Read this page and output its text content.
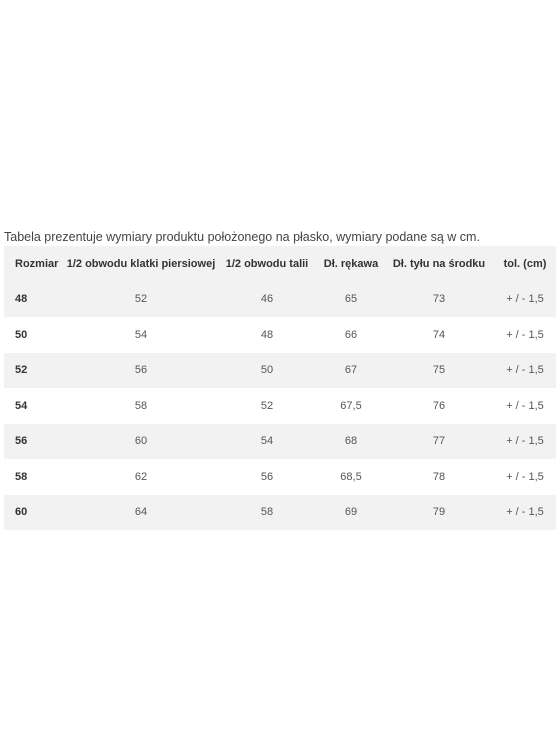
Tabela prezentuje wymiary produktu położonego na płasko, wymiary podane są w cm.

Rozmiar	1/2 obwodu klatki piersiowej	1/2 obwodu talii	Dł. rękawa	Dł. tyłu na środku	tol. (cm)
48	52	46	65	73	+ / - 1,5
50	54	48	66	74	+ / - 1,5
52	56	50	67	75	+ / - 1,5
54	58	52	67,5	76	+ / - 1,5
56	60	54	68	77	+ / - 1,5
58	62	56	68,5	78	+ / - 1,5
60	64	58	69	79	+ / - 1,5
